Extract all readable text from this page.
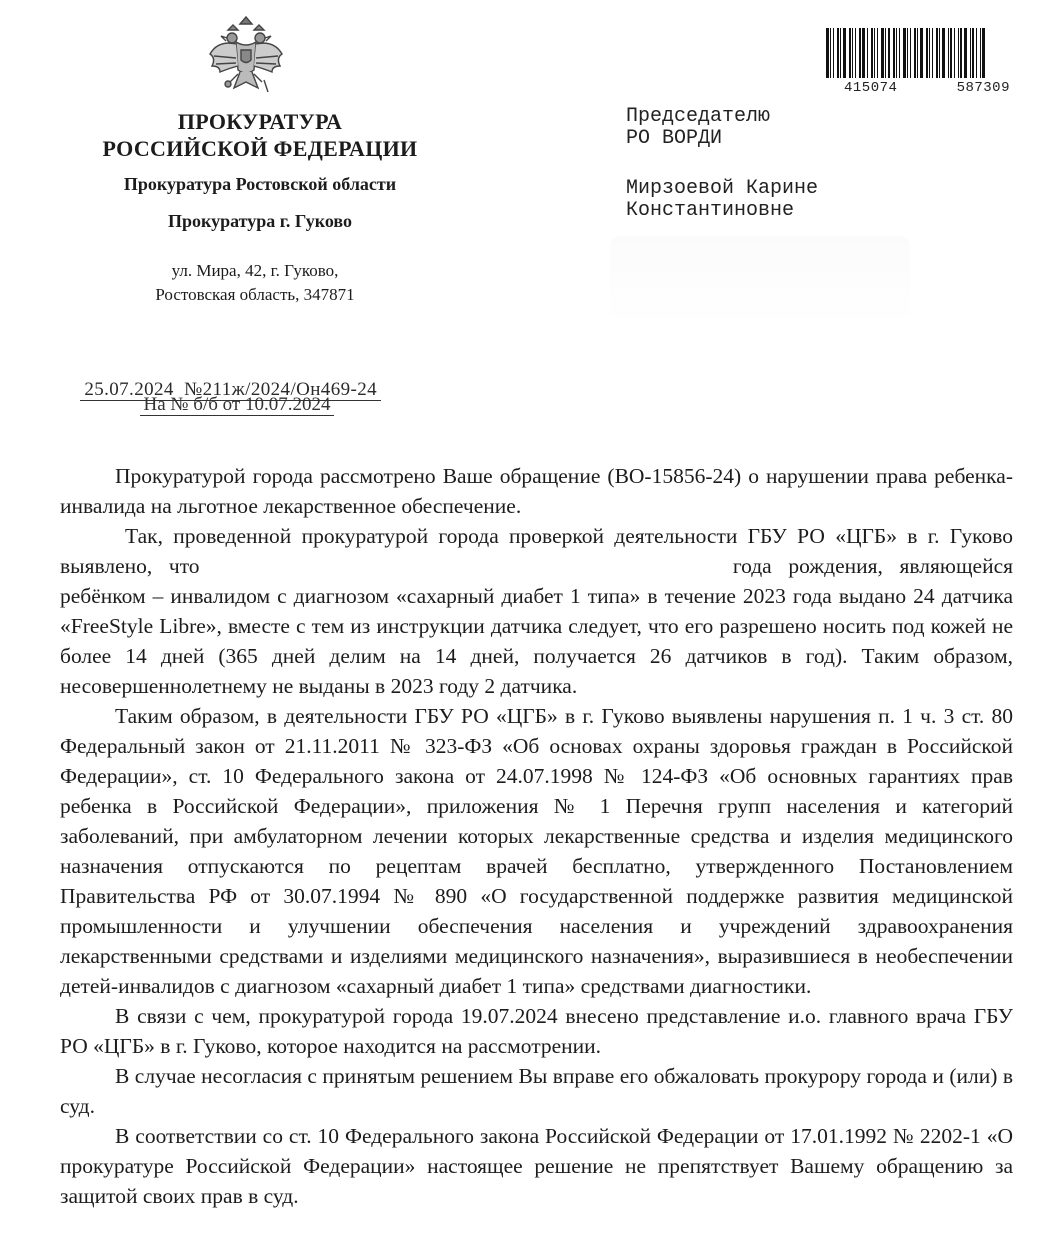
ПРОКУРАТУРА
РОССИЙСКОЙ ФЕДЕРАЦИИ
Прокуратура Ростовской области
Прокуратура г. Гуково
ул. Мира, 42, г. Гуково,
Ростовская область, 347871

25.07.2024  №211ж/2024/Он469-24

На № б/б от 10.07.2024

415074	587309
Председателю
РО ВОРДИ
Мирзоевой Карине
Константиновне

Прокуратурой города рассмотрено Ваше обращение (ВО-15856-24) о нарушении права ребенка-инвалида на льготное лекарственное обеспечение.

Так, проведенной прокуратурой города проверкой деятельности ГБУ РО «ЦГБ» в г. Гуково выявлено, что	года рождения, являющейся ребёнком – инвалидом с диагнозом «сахарный диабет 1 типа» в течение 2023 года выдано 24 датчика «FreeStyle Libre», вместе с тем из инструкции датчика следует, что его разрешено носить под кожей не более 14 дней (365 дней делим на 14 дней, получается 26 датчиков в год). Таким образом, несовершеннолетнему не выданы в 2023 году 2 датчика.

Таким образом, в деятельности ГБУ РО «ЦГБ» в г. Гуково выявлены нарушения п. 1 ч. 3 ст. 80 Федеральный закон от 21.11.2011 № 323-ФЗ «Об основах охраны здоровья граждан в Российской Федерации», ст. 10 Федерального закона от 24.07.1998 № 124-ФЗ «Об основных гарантиях прав ребенка в Российской Федерации», приложения № 1 Перечня групп населения и категорий заболеваний, при амбулаторном лечении которых лекарственные средства и изделия медицинского назначения отпускаются по рецептам врачей бесплатно, утвержденного Постановлением Правительства РФ от 30.07.1994 № 890 «О государственной поддержке развития медицинской промышленности и улучшении обеспечения населения и учреждений здравоохранения лекарственными средствами и изделиями медицинского назначения», выразившиеся в необеспечении детей-инвалидов с диагнозом «сахарный диабет 1 типа» средствами диагностики.

В связи с чем, прокуратурой города 19.07.2024 внесено представление и.о. главного врача ГБУ РО «ЦГБ» в г. Гуково, которое находится на рассмотрении.

В случае несогласия с принятым решением Вы вправе его обжаловать прокурору города и (или) в суд.

В соответствии со ст. 10 Федерального закона Российской Федерации от 17.01.1992 № 2202-1 «О прокуратуре Российской Федерации» настоящее решение не препятствует Вашему обращению за защитой своих прав в суд.
